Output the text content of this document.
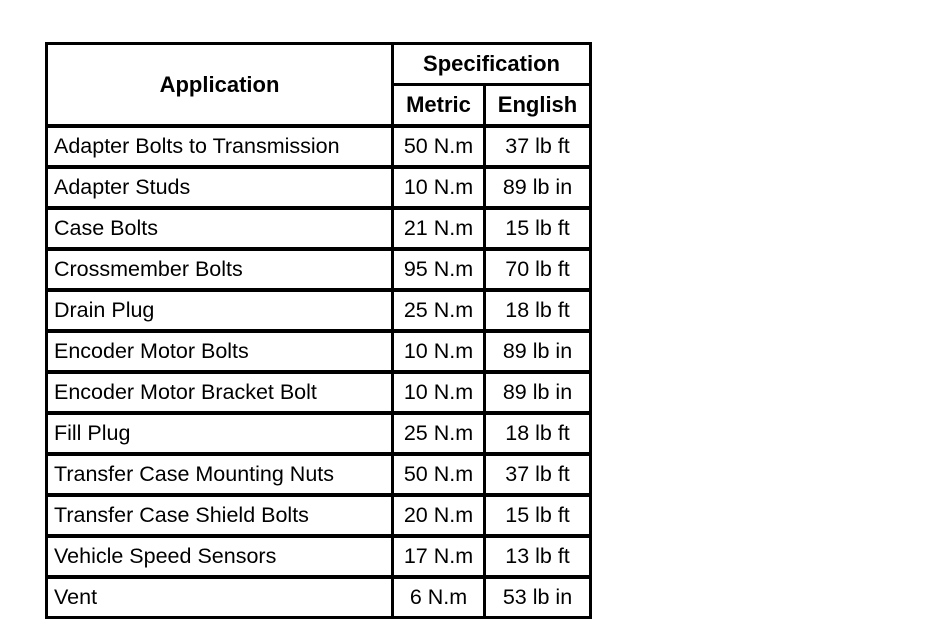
Application	Specification	
	Metric	English
Adapter Bolts to Transmission	50 N.m	37 lb ft
Adapter Studs	10 N.m	89 lb in
Case Bolts	21 N.m	15 lb ft
Crossmember Bolts	95 N.m	70 lb ft
Drain Plug	25 N.m	18 lb ft
Encoder Motor Bolts	10 N.m	89 lb in
Encoder Motor Bracket Bolt	10 N.m	89 lb in
Fill Plug	25 N.m	18 lb ft
Transfer Case Mounting Nuts	50 N.m	37 lb ft
Transfer Case Shield Bolts	20 N.m	15 lb ft
Vehicle Speed Sensors	17 N.m	13 lb ft
Vent	6 N.m	53 lb in
